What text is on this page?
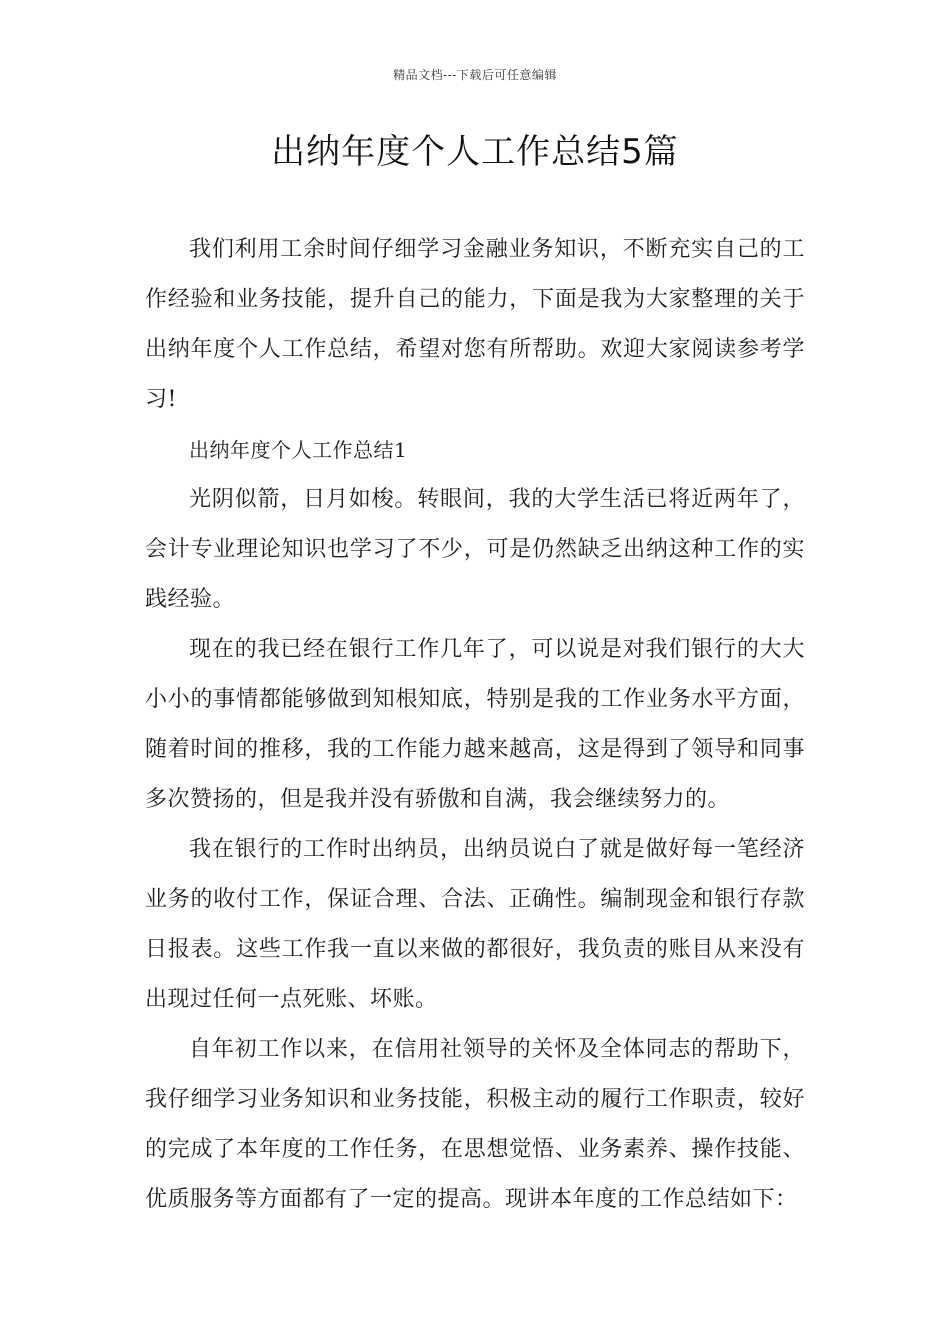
精品文档---下载后可任意编辑
出纳年度个人工作总结5篇

我们利用工余时间仔细学习金融业务知识，不断充实自己的工作经验和业务技能，提升自己的能力，下面是我为大家整理的关于出纳年度个人工作总结，希望对您有所帮助。欢迎大家阅读参考学习!

出纳年度个人工作总结1

光阴似箭，日月如梭。转眼间，我的大学生活已将近两年了，会计专业理论知识也学习了不少，可是仍然缺乏出纳这种工作的实践经验。

现在的我已经在银行工作几年了，可以说是对我们银行的大大小小的事情都能够做到知根知底，特别是我的工作业务水平方面，随着时间的推移，我的工作能力越来越高，这是得到了领导和同事多次赞扬的，但是我并没有骄傲和自满，我会继续努力的。

我在银行的工作时出纳员，出纳员说白了就是做好每一笔经济业务的收付工作，保证合理、合法、正确性。编制现金和银行存款日报表。这些工作我一直以来做的都很好，我负责的账目从来没有出现过任何一点死账、坏账。

自年初工作以来，在信用社领导的关怀及全体同志的帮助下，我仔细学习业务知识和业务技能，积极主动的履行工作职责，较好的完成了本年度的工作任务，在思想觉悟、业务素养、操作技能、优质服务等方面都有了一定的提高。现讲本年度的工作总结如下：
